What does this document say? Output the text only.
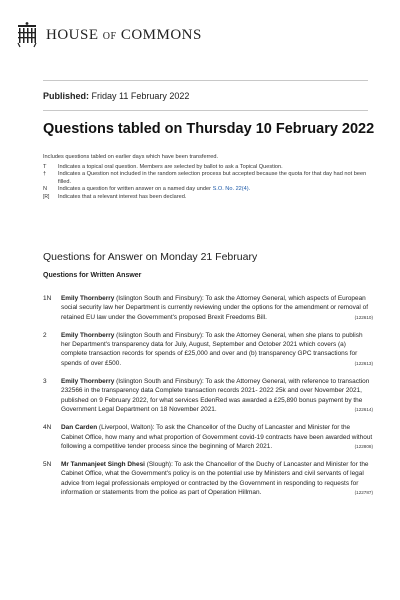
HOUSE OF COMMONS
Published: Friday 11 February 2022
Questions tabled on Thursday 10 February 2022
Includes questions tabled on earlier days which have been transferred.
T	Indicates a topical oral question. Members are selected by ballot to ask a Topical Question.
†	Indicates a Question not included in the random selection process but accepted because the quota for that day had not been filled.
N	Indicates a question for written answer on a named day under S.O. No. 22(4).
[R]	Indicates that a relevant interest has been declared.
Questions for Answer on Monday 21 February
Questions for Written Answer
1N Emily Thornberry (Islington South and Finsbury): To ask the Attorney General, which aspects of European social security law her Department is currently reviewing under the options for the amendment or removal of retained EU law under the Government's proposed Brexit Freedoms Bill.	(122610)
2 Emily Thornberry (Islington South and Finsbury): To ask the Attorney General, when she plans to publish her Department's transparency data for July, August, September and October 2021 which covers (a) complete transaction records for spends of £25,000 and over and (b) transparency GPC transactions for spends of over £500.	(122613)
3 Emily Thornberry (Islington South and Finsbury): To ask the Attorney General, with reference to transaction 232566 in the transparency data Complete transaction records 2021- 2022 25k and over November 2021, published on 9 February 2022, for what services EdenRed was awarded a £25,890 bonus payment by the Government Legal Department on 18 November 2021.	(122614)
4N Dan Carden (Liverpool, Walton): To ask the Chancellor of the Duchy of Lancaster and Minister for the Cabinet Office, how many and what proportion of Government covid-19 contracts have been awarded without following a competitive tender process since the beginning of March 2021.	(122808)
5N Mr Tanmanjeet Singh Dhesi (Slough): To ask the Chancellor of the Duchy of Lancaster and Minister for the Cabinet Office, what the Government's policy is on the potential use by Ministers and civil servants of legal advice from legal professionals employed or contracted by the Government in responding to requests for information or statements from the police as part of Operation Hillman.	(122787)
